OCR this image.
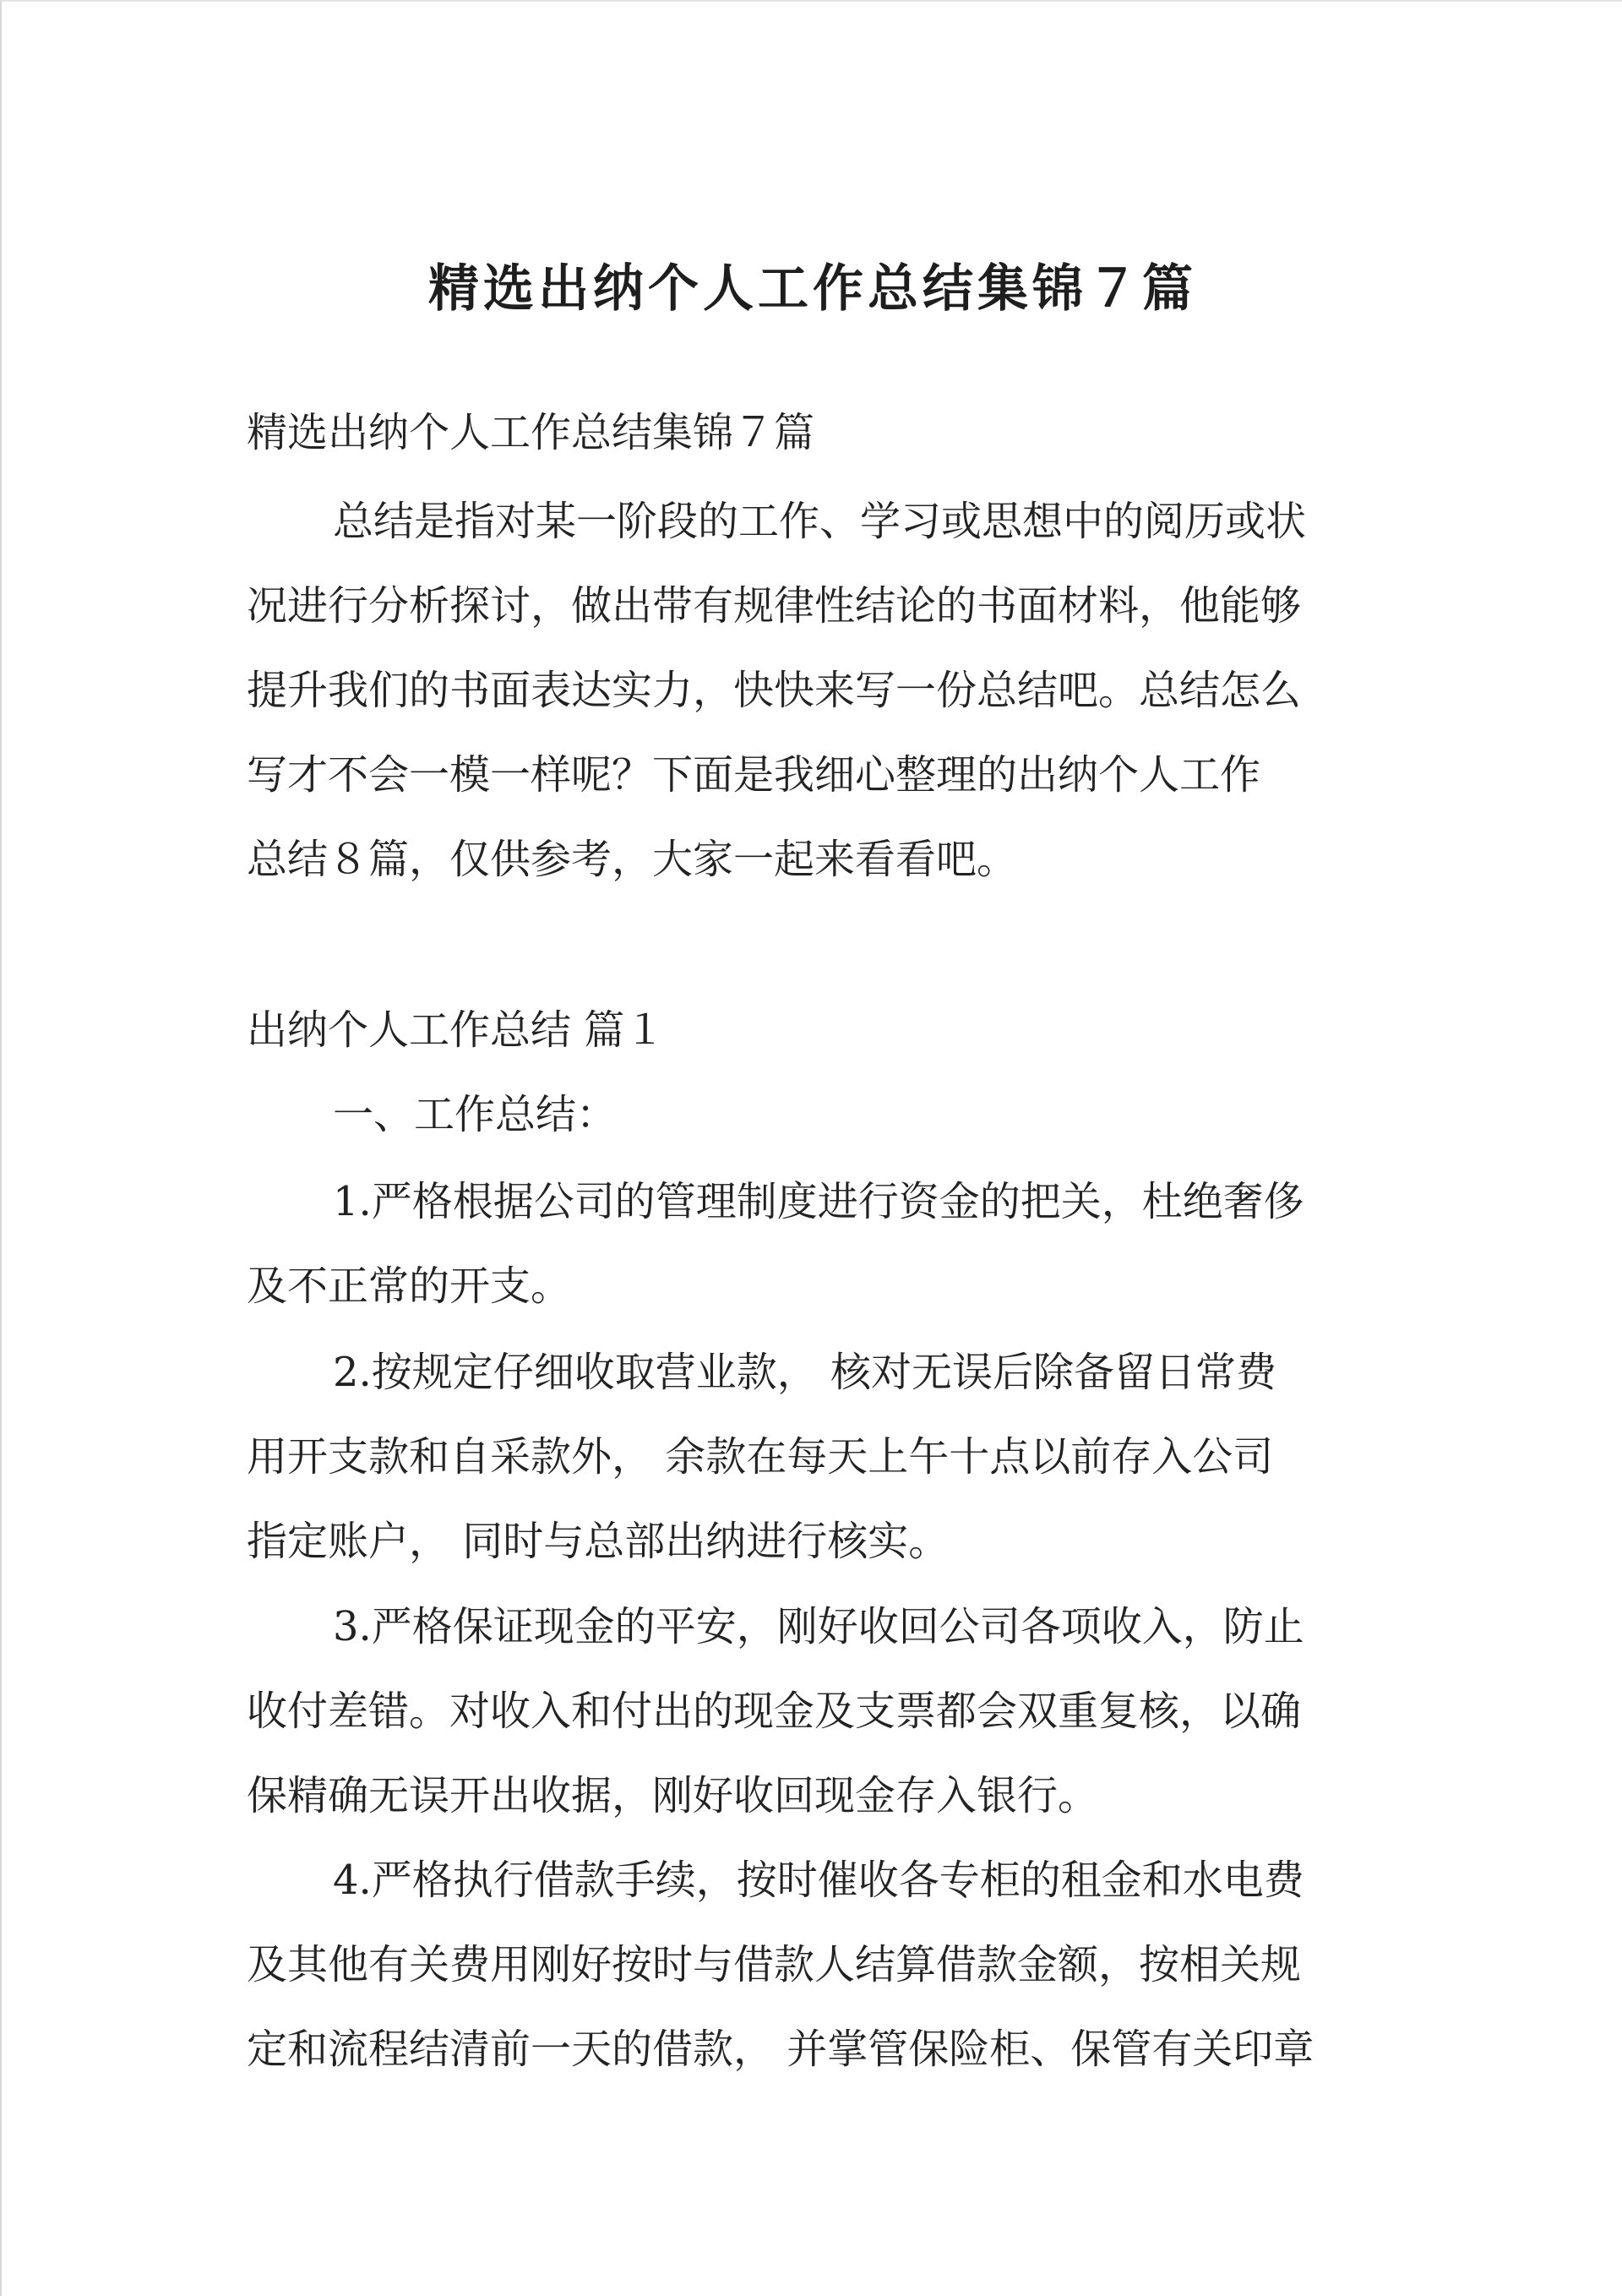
精选出纳个人工作总结集锦７篇

精选出纳个人工作总结集锦７篇

总结是指对某一阶段的工作、学习或思想中的阅历或状
况进行分析探讨，做出带有规律性结论的书面材料，他能够
提升我们的书面表达实力，快快来写一份总结吧。总结怎么
写才不会一模一样呢？下面是我细心整理的出纳个人工作
总结８篇，仅供参考，大家一起来看看吧。

出纳个人工作总结 篇１

一、工作总结：

1.严格根据公司的管理制度进行资金的把关，杜绝奢侈
及不正常的开支。
2.按规定仔细收取营业款， 核对无误后除备留日常费
用开支款和自采款外， 余款在每天上午十点以前存入公司
指定账户， 同时与总部出纳进行核实。
3.严格保证现金的平安，刚好收回公司各项收入，防止
收付差错。对收入和付出的现金及支票都会双重复核，以确
保精确无误开出收据，刚好收回现金存入银行。
4.严格执行借款手续，按时催收各专柜的租金和水电费
及其他有关费用刚好按时与借款人结算借款金额，按相关规
定和流程结清前一天的借款， 并掌管保险柜、保管有关印章
